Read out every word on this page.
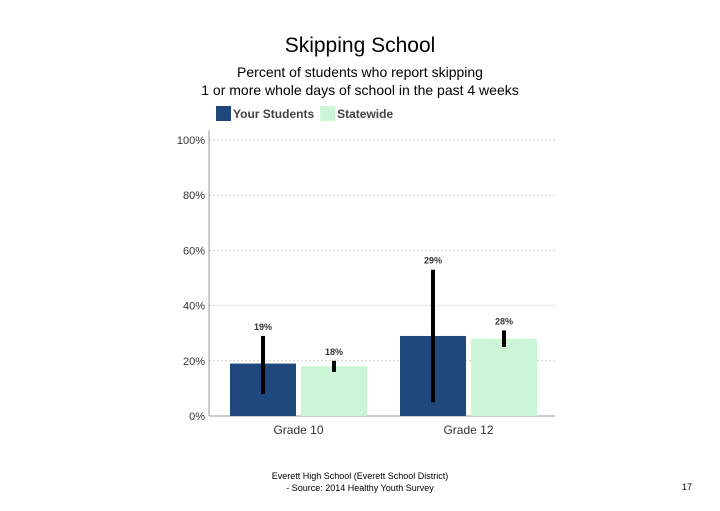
Skipping School
Percent of students who report skipping
1 or more whole days of school in the past 4 weeks
0%
20%
40%
60%
80%
100%
Your Students Statewide
19%
18%
Grade 10
29%
28%
Grade 12
Everett High School (Everett School District)
- Source: 2014 Healthy Youth Survey	17
